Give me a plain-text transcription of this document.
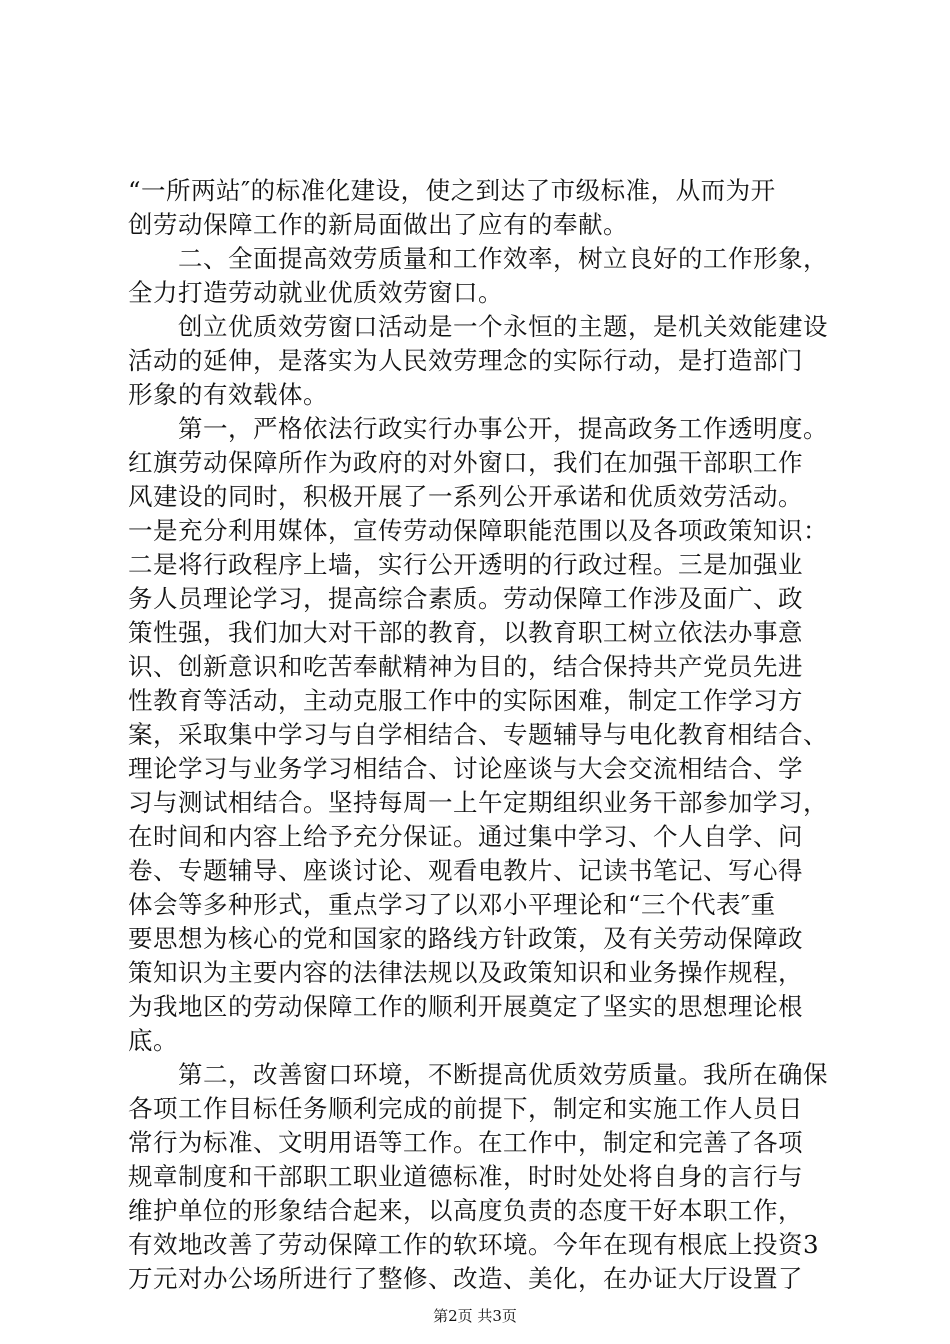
“一所两站″的标准化建设，使之到达了市级标准，从而为开
创劳动保障工作的新局面做出了应有的奉献。
　　二、全面提高效劳质量和工作效率，树立良好的工作形象，
全力打造劳动就业优质效劳窗口。
　　创立优质效劳窗口活动是一个永恒的主题，是机关效能建设
活动的延伸，是落实为人民效劳理念的实际行动，是打造部门
形象的有效载体。
　　第一，严格依法行政实行办事公开，提高政务工作透明度。
红旗劳动保障所作为政府的对外窗口，我们在加强干部职工作
风建设的同时，积极开展了一系列公开承诺和优质效劳活动。
一是充分利用媒体，宣传劳动保障职能范围以及各项政策知识：
二是将行政程序上墙，实行公开透明的行政过程。三是加强业
务人员理论学习，提高综合素质。劳动保障工作涉及面广、政
策性强，我们加大对干部的教育，以教育职工树立依法办事意
识、创新意识和吃苦奉献精神为目的，结合保持共产党员先进
性教育等活动，主动克服工作中的实际困难，制定工作学习方
案，采取集中学习与自学相结合、专题辅导与电化教育相结合、
理论学习与业务学习相结合、讨论座谈与大会交流相结合、学
习与测试相结合。坚持每周一上午定期组织业务干部参加学习，
在时间和内容上给予充分保证。通过集中学习、个人自学、问
卷、专题辅导、座谈讨论、观看电教片、记读书笔记、写心得
体会等多种形式，重点学习了以邓小平理论和“三个代表″重
要思想为核心的党和国家的路线方针政策，及有关劳动保障政
策知识为主要内容的法律法规以及政策知识和业务操作规程，
为我地区的劳动保障工作的顺利开展奠定了坚实的思想理论根
底。
　　第二，改善窗口环境，不断提高优质效劳质量。我所在确保
各项工作目标任务顺利完成的前提下，制定和实施工作人员日
常行为标准、文明用语等工作。在工作中，制定和完善了各项
规章制度和干部职工职业道德标准，时时处处将自身的言行与
维护单位的形象结合起来，以高度负责的态度干好本职工作，
有效地改善了劳动保障工作的软环境。今年在现有根底上投资3
万元对办公场所进行了整修、改造、美化，在办证大厅设置了
第2页 共3页
